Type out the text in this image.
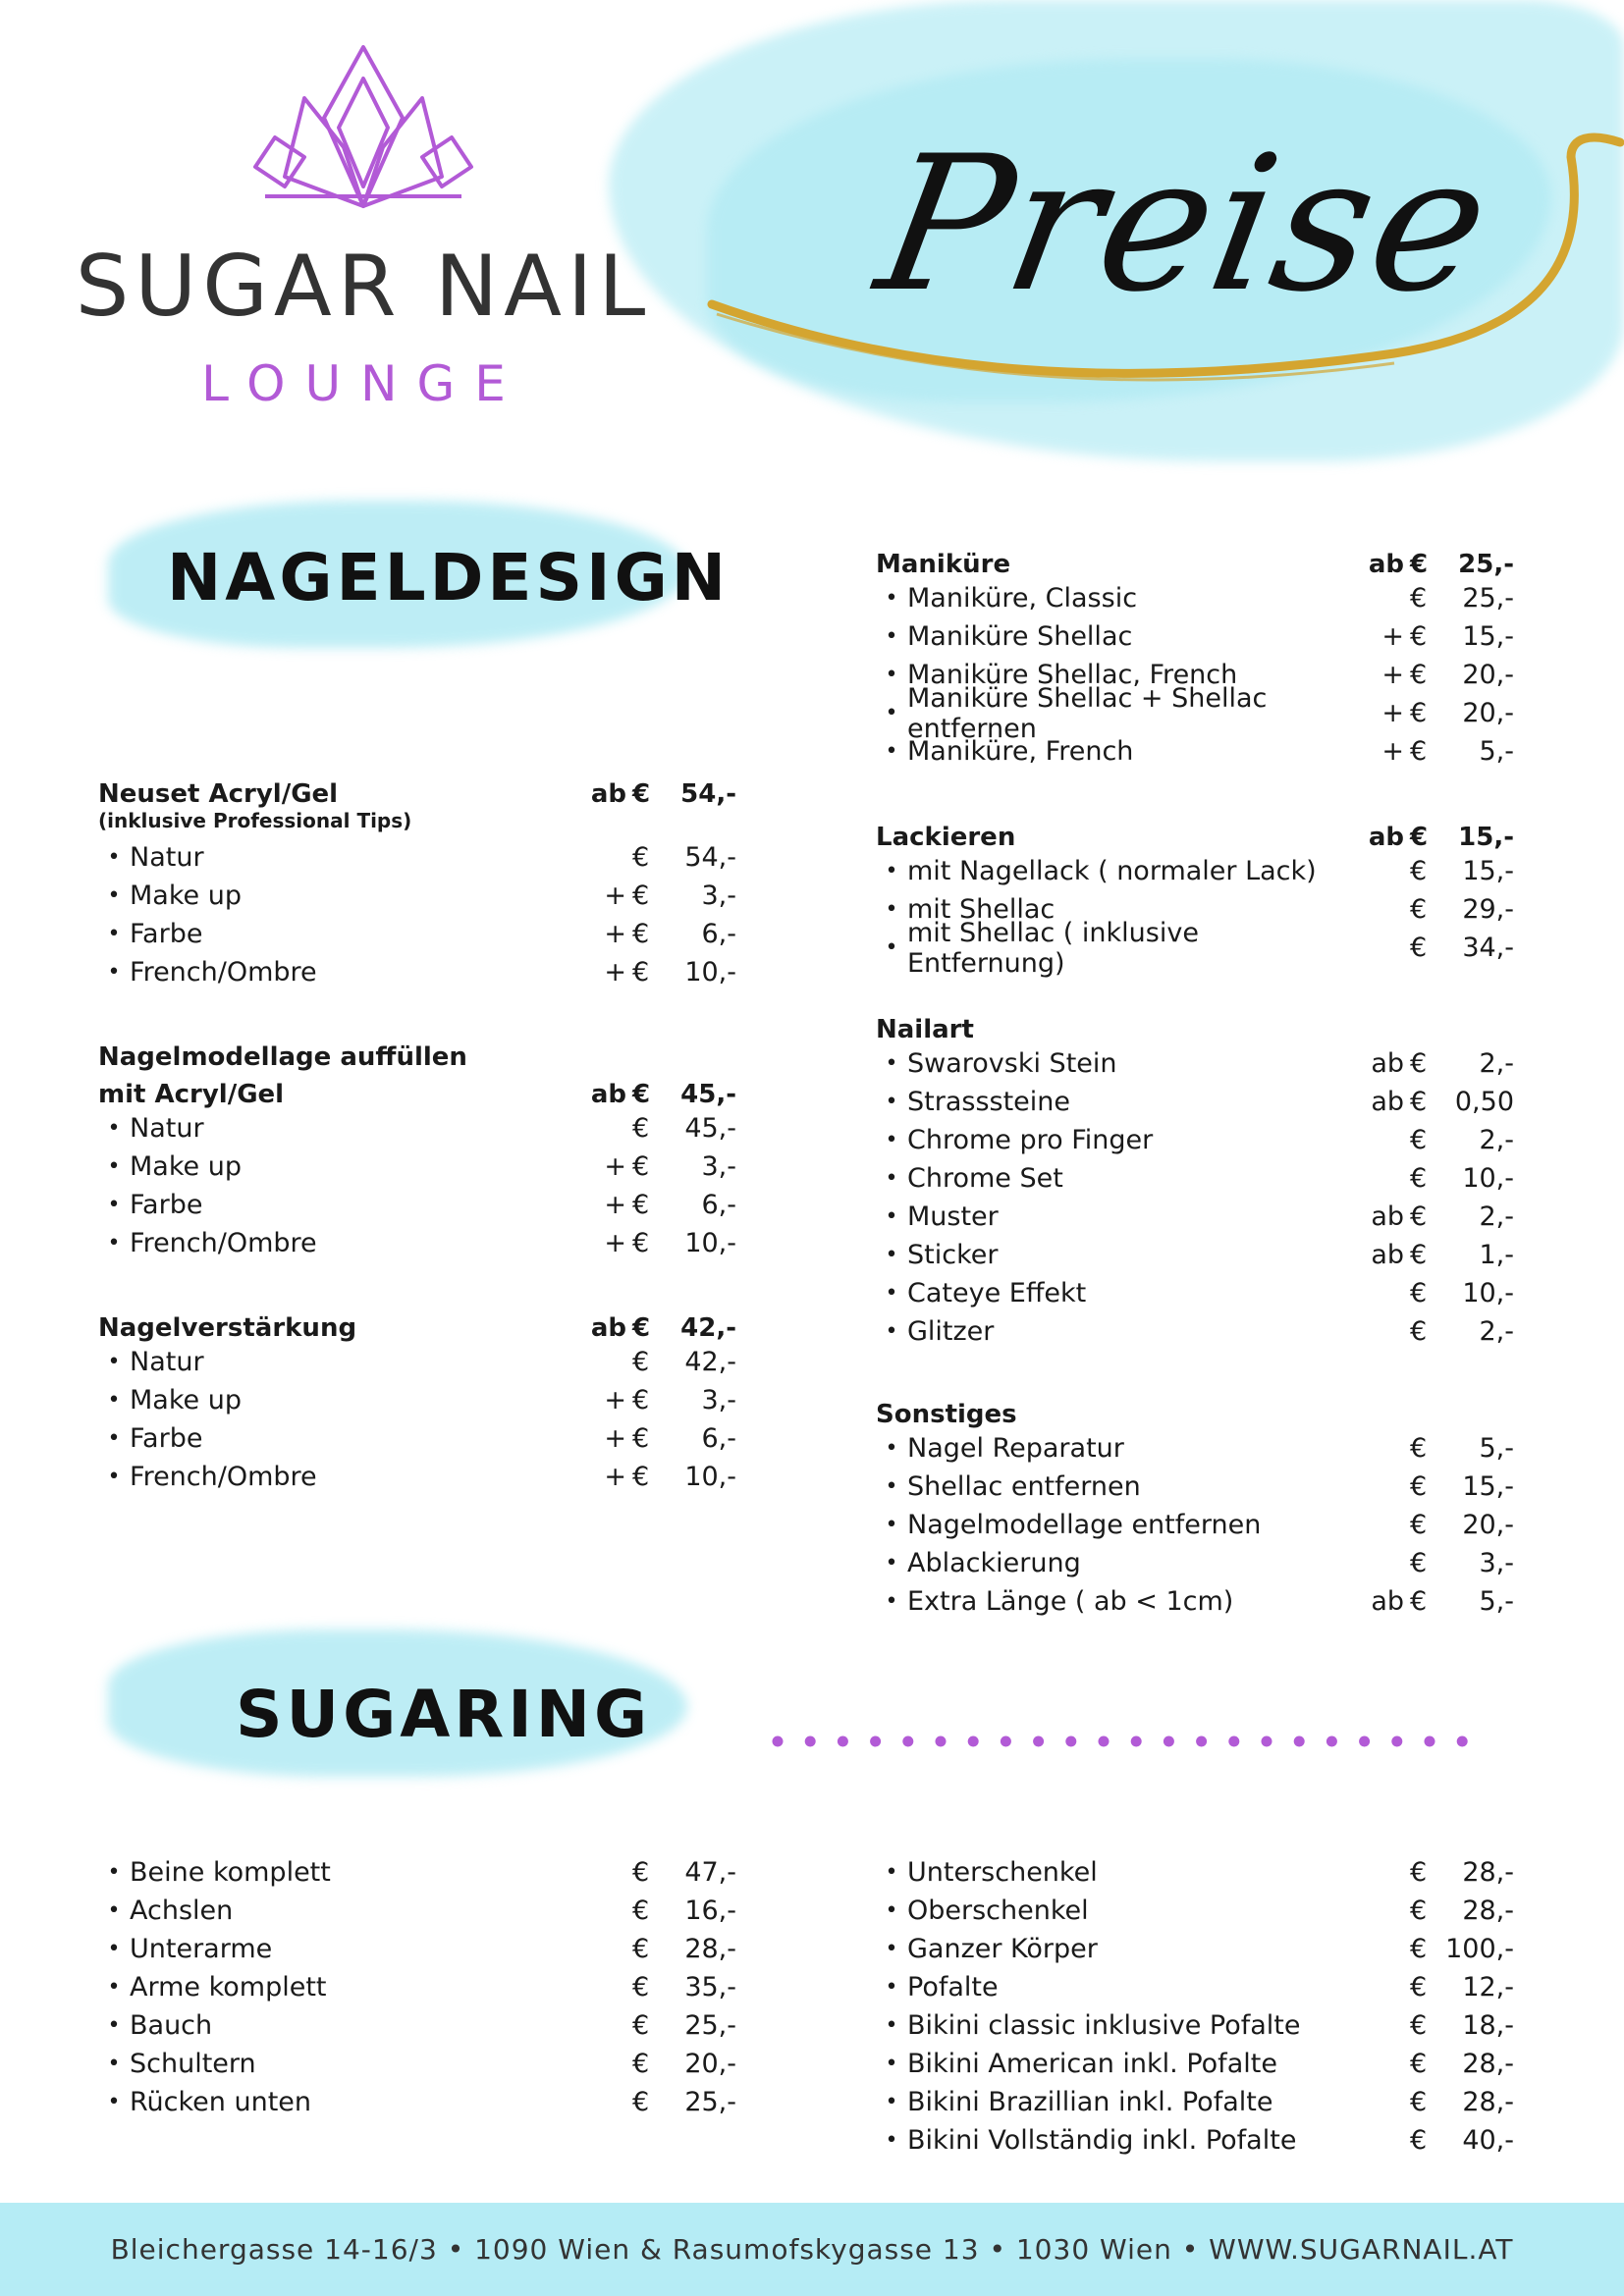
SUGAR NAIL
LOUNGE
Preise
NAGELDESIGN
SUGARING
Neuset Acryl/Gel	ab €	54,-
(inklusive Professional Tips)
• Natur	€	54,-
• Make up	+ €	3,-
• Farbe	+ €	6,-
• French/Ombre	+ €	10,-
Nagelmodellage auffüllen
mit Acryl/Gel	ab €	45,-
• Natur	€	45,-
• Make up	+ €	3,-
• Farbe	+ €	6,-
• French/Ombre	+ €	10,-
Nagelverstärkung	ab €	42,-
• Natur	€	42,-
• Make up	+ €	3,-
• Farbe	+ €	6,-
• French/Ombre	+ €	10,-
Maniküre	ab €	25,-
• Maniküre, Classic	€	25,-
• Maniküre Shellac	+ €	15,-
• Maniküre Shellac, French	+ €	20,-
• Maniküre Shellac + Shellac entfernen	+ €	20,-
• Maniküre, French	+ €	5,-
Lackieren	ab €	15,-
• mit Nagellack ( normaler Lack)	€	15,-
• mit Shellac	€	29,-
• mit Shellac ( inklusive Entfernung)	€	34,-
Nailart
• Swarovski Stein	ab €	2,-
• Strasssteine	ab €	0,50
• Chrome pro Finger	€	2,-
• Chrome Set	€	10,-
• Muster	ab €	2,-
• Sticker	ab €	1,-
• Cateye Effekt	€	10,-
• Glitzer	€	2,-
Sonstiges
• Nagel Reparatur	€	5,-
• Shellac entfernen	€	15,-
• Nagelmodellage entfernen	€	20,-
• Ablackierung	€	3,-
• Extra Länge ( ab < 1cm)	ab €	5,-
• Beine komplett	€	47,-
• Achslen	€	16,-
• Unterarme	€	28,-
• Arme komplett	€	35,-
• Bauch	€	25,-
• Schultern	€	20,-
• Rücken unten	€	25,-
• Unterschenkel	€	28,-
• Oberschenkel	€	28,-
• Ganzer Körper	€ 100,-
• Pofalte	€	12,-
• Bikini classic inklusive Pofalte	€	18,-
• Bikini American inkl. Pofalte	€	28,-
• Bikini Brazillian inkl. Pofalte	€	28,-
• Bikini Vollständig inkl. Pofalte	€	40,-
Bleichergasse 14-16/3 • 1090 Wien & Rasumofskygasse 13 • 1030 Wien • WWW.SUGARNAIL.AT
